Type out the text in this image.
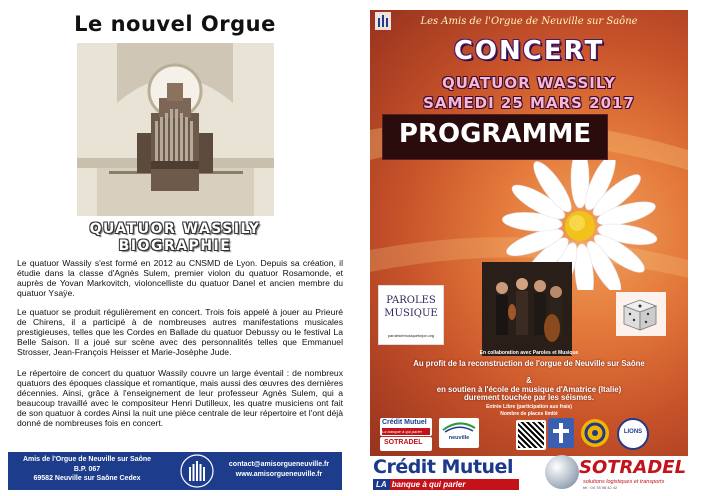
Le nouvel Orgue
QUATUOR WASSILY
BIOGRAPHIE

Le quatuor Wassily s'est formé en 2012 au CNSMD de Lyon. Depuis sa création, il étudie dans la classe d'Agnès Sulem, premier violon du quatuor Rosamonde, et auprès de Yovan Markovitch, violoncelliste du quatuor Danel et ancien membre du quatuor Ysaÿe.

Le quatuor se produit régulièrement en concert. Trois fois appelé à jouer au Prieuré de Chirens, il a participé à de nombreuses autres manifestations musicales prestigieuses, telles que les Cordes en Ballade du quatuor Debussy ou le festival La Belle Saison. Il a joué sur scène avec des personnalités telles que Emmanuel Strosser, Jean-François Heisser et Marie-Josèphe Jude.

Le répertoire de concert du quatuor Wassily couvre un large éventail : de nombreux quatuors des époques classique et romantique, mais aussi des œuvres des dernières décennies. Ainsi, grâce à l'enseignement de leur professeur Agnès Sulem, qui a beaucoup travaillé avec le compositeur Henri Dutilleux, les quatre musiciens ont fait de son quatuor à cordes Ainsi la nuit une pièce centrale de leur répertoire et l'ont déjà donné de nombreuses fois en concert.

Amis de l'Orgue de Neuville sur Saône
B.P. 067
69582 Neuville sur Saône Cedex
contact@amisorgueneuville.fr
www.amisorgueneuville.fr
Les Amis de l'Orgue de Neuville sur Saône
CONCERT
QUATUOR WASSILY
SAMEDI 25 MARS 2017
PROGRAMME
PAROLES
MUSIQUE
parolesetmusiqueforjon.org
En collaboration avec Paroles et Musique
Au profit de la reconstruction de l'orgue de Neuville sur Saône
&
en soutien à l'école de musique d'Amatrice (Italie)
durement touchée par les séismes.
Entrée Libre (participation aux frais)
Nombre de places limité
Crédit Mutuel
La banque à qui parler
SOTRADEL
neuville
LIONS
Crédit Mutuel
LA banque à qui parler
SOTRADEL
solutions logistiques et transports
tél : 04 78 98 42 42
